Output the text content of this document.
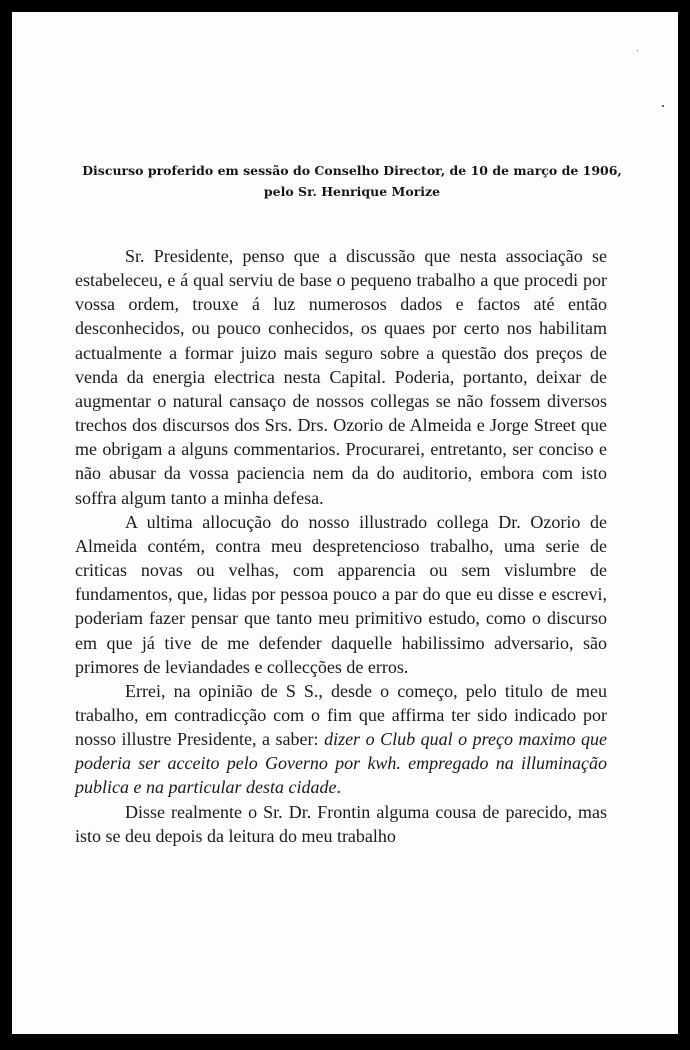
Discurso proferido em sessão do Conselho Director, de 10 de março de 1906,
pelo Sr. Henrique Morize

Sr. Presidente, penso que a discussão que nesta associação se estabeleceu, e á qual serviu de base o pequeno trabalho a que procedi por vossa ordem, trouxe á luz numerosos dados e factos até então desconhecidos, ou pouco conhecidos, os quaes por certo nos habilitam actualmente a formar juizo mais seguro sobre a questão dos preços de venda da energia electrica nesta Capital. Poderia, portanto, deixar de augmentar o natural cansaço de nossos collegas se não fossem diversos trechos dos discursos dos Srs. Drs. Ozorio de Almeida e Jorge Street que me obrigam a alguns commentarios. Procurarei, entretanto, ser conciso e não abusar da vossa paciencia nem da do auditorio, embora com isto soffra algum tanto a minha defesa.

A ultima allocução do nosso illustrado collega Dr. Ozorio de Almeida contém, contra meu despretencioso trabalho, uma serie de criticas novas ou velhas, com apparencia ou sem vislumbre de fundamentos, que, lidas por pessoa pouco a par do que eu disse e escrevi, poderiam fazer pensar que tanto meu primitivo estudo, como o discurso em que já tive de me defender daquelle habilissimo adversario, são primores de leviandades e collecções de erros.

Errei, na opinião de S S., desde o começo, pelo titulo de meu trabalho, em contradicção com o fim que affirma ter sido indicado por nosso illustre Presidente, a saber: dizer o Club qual o preço maximo que poderia ser acceito pelo Governo por kwh. empregado na illuminação publica e na particular desta cidade.

Disse realmente o Sr. Dr. Frontin alguma cousa de parecido, mas isto se deu depois da leitura do meu trabalho
